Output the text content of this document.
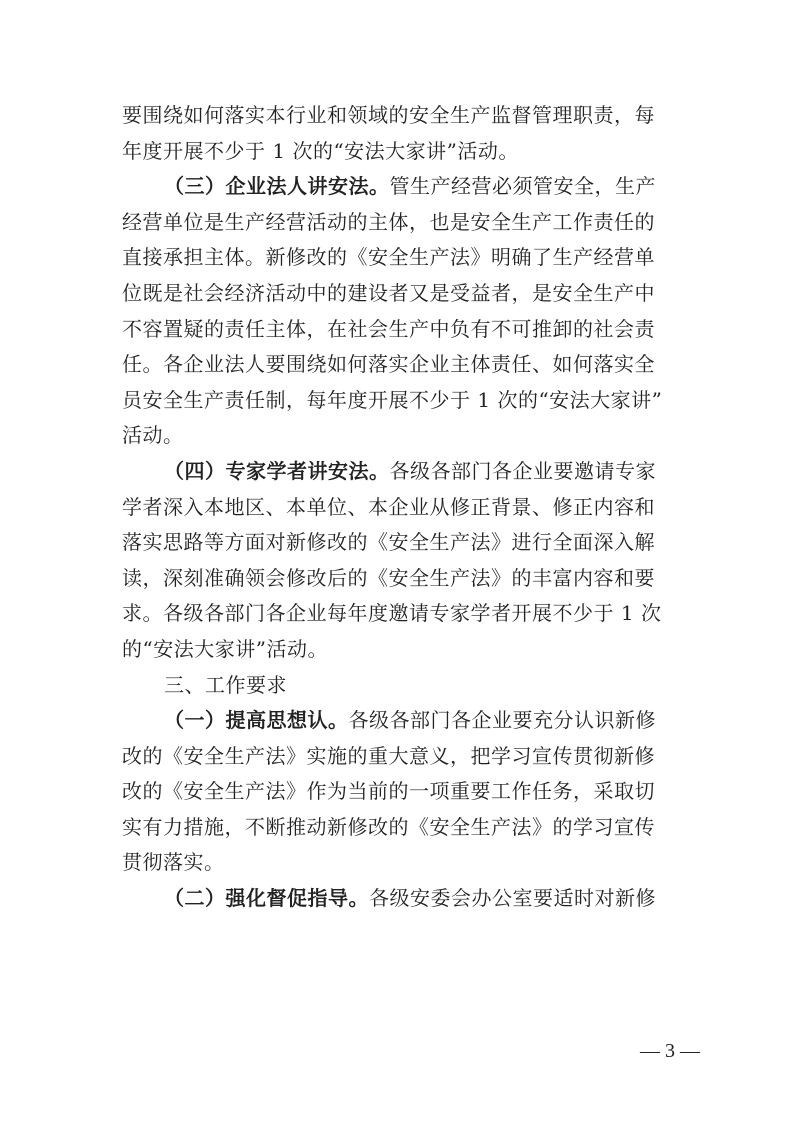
要围绕如何落实本行业和领域的安全生产监督管理职责，每
年度开展不少于 1 次的“安法大家讲”活动。
（三）企业法人讲安法。管生产经营必须管安全，生产
经营单位是生产经营活动的主体，也是安全生产工作责任的
直接承担主体。新修改的《安全生产法》明确了生产经营单
位既是社会经济活动中的建设者又是受益者，是安全生产中
不容置疑的责任主体，在社会生产中负有不可推卸的社会责
任。各企业法人要围绕如何落实企业主体责任、如何落实全
员安全生产责任制，每年度开展不少于 1 次的“安法大家讲”
活动。
（四）专家学者讲安法。各级各部门各企业要邀请专家
学者深入本地区、本单位、本企业从修正背景、修正内容和
落实思路等方面对新修改的《安全生产法》进行全面深入解
读，深刻准确领会修改后的《安全生产法》的丰富内容和要
求。各级各部门各企业每年度邀请专家学者开展不少于 1 次
的“安法大家讲”活动。
三、工作要求
（一）提高思想认。各级各部门各企业要充分认识新修
改的《安全生产法》实施的重大意义，把学习宣传贯彻新修
改的《安全生产法》作为当前的一项重要工作任务，采取切
实有力措施，不断推动新修改的《安全生产法》的学习宣传
贯彻落实。
（二）强化督促指导。各级安委会办公室要适时对新修
— 3 —
